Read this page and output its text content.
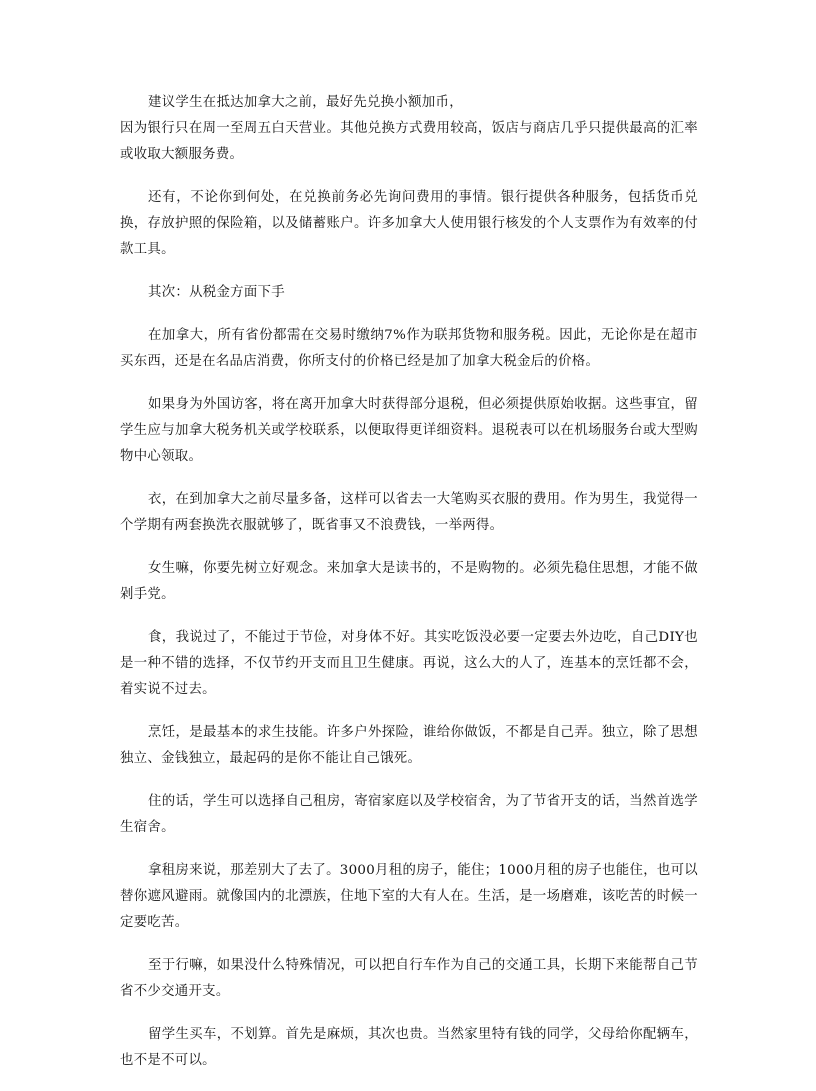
建议学生在抵达加拿大之前，最好先兑换小额加币，
因为银行只在周一至周五白天营业。其他兑换方式费用较高，饭店与商店几乎只提供最高的汇率或收取大额服务费。

还有，不论你到何处，在兑换前务必先询问费用的事情。银行提供各种服务，包括货币兑换，存放护照的保险箱，以及储蓄账户。许多加拿大人使用银行核发的个人支票作为有效率的付款工具。

其次：从税金方面下手

在加拿大，所有省份都需在交易时缴纳7%作为联邦货物和服务税。因此，无论你是在超市买东西，还是在名品店消费，你所支付的价格已经是加了加拿大税金后的价格。

如果身为外国访客，将在离开加拿大时获得部分退税，但必须提供原始收据。这些事宜，留学生应与加拿大税务机关或学校联系，以便取得更详细资料。退税表可以在机场服务台或大型购物中心领取。

衣，在到加拿大之前尽量多备，这样可以省去一大笔购买衣服的费用。作为男生，我觉得一个学期有两套换洗衣服就够了，既省事又不浪费钱，一举两得。

女生嘛，你要先树立好观念。来加拿大是读书的，不是购物的。必须先稳住思想，才能不做剁手党。

食，我说过了，不能过于节俭，对身体不好。其实吃饭没必要一定要去外边吃，自己DIY也是一种不错的选择，不仅节约开支而且卫生健康。再说，这么大的人了，连基本的烹饪都不会，着实说不过去。

烹饪，是最基本的求生技能。许多户外探险，谁给你做饭，不都是自己弄。独立，除了思想独立、金钱独立，最起码的是你不能让自己饿死。

住的话，学生可以选择自己租房，寄宿家庭以及学校宿舍，为了节省开支的话，当然首选学生宿舍。

拿租房来说，那差别大了去了。3000月租的房子，能住；1000月租的房子也能住，也可以替你遮风避雨。就像国内的北漂族，住地下室的大有人在。生活，是一场磨难，该吃苦的时候一定要吃苦。

至于行嘛，如果没什么特殊情况，可以把自行车作为自己的交通工具，长期下来能帮自己节省不少交通开支。

留学生买车，不划算。首先是麻烦，其次也贵。当然家里特有钱的同学，父母给你配辆车，也不是不可以。
